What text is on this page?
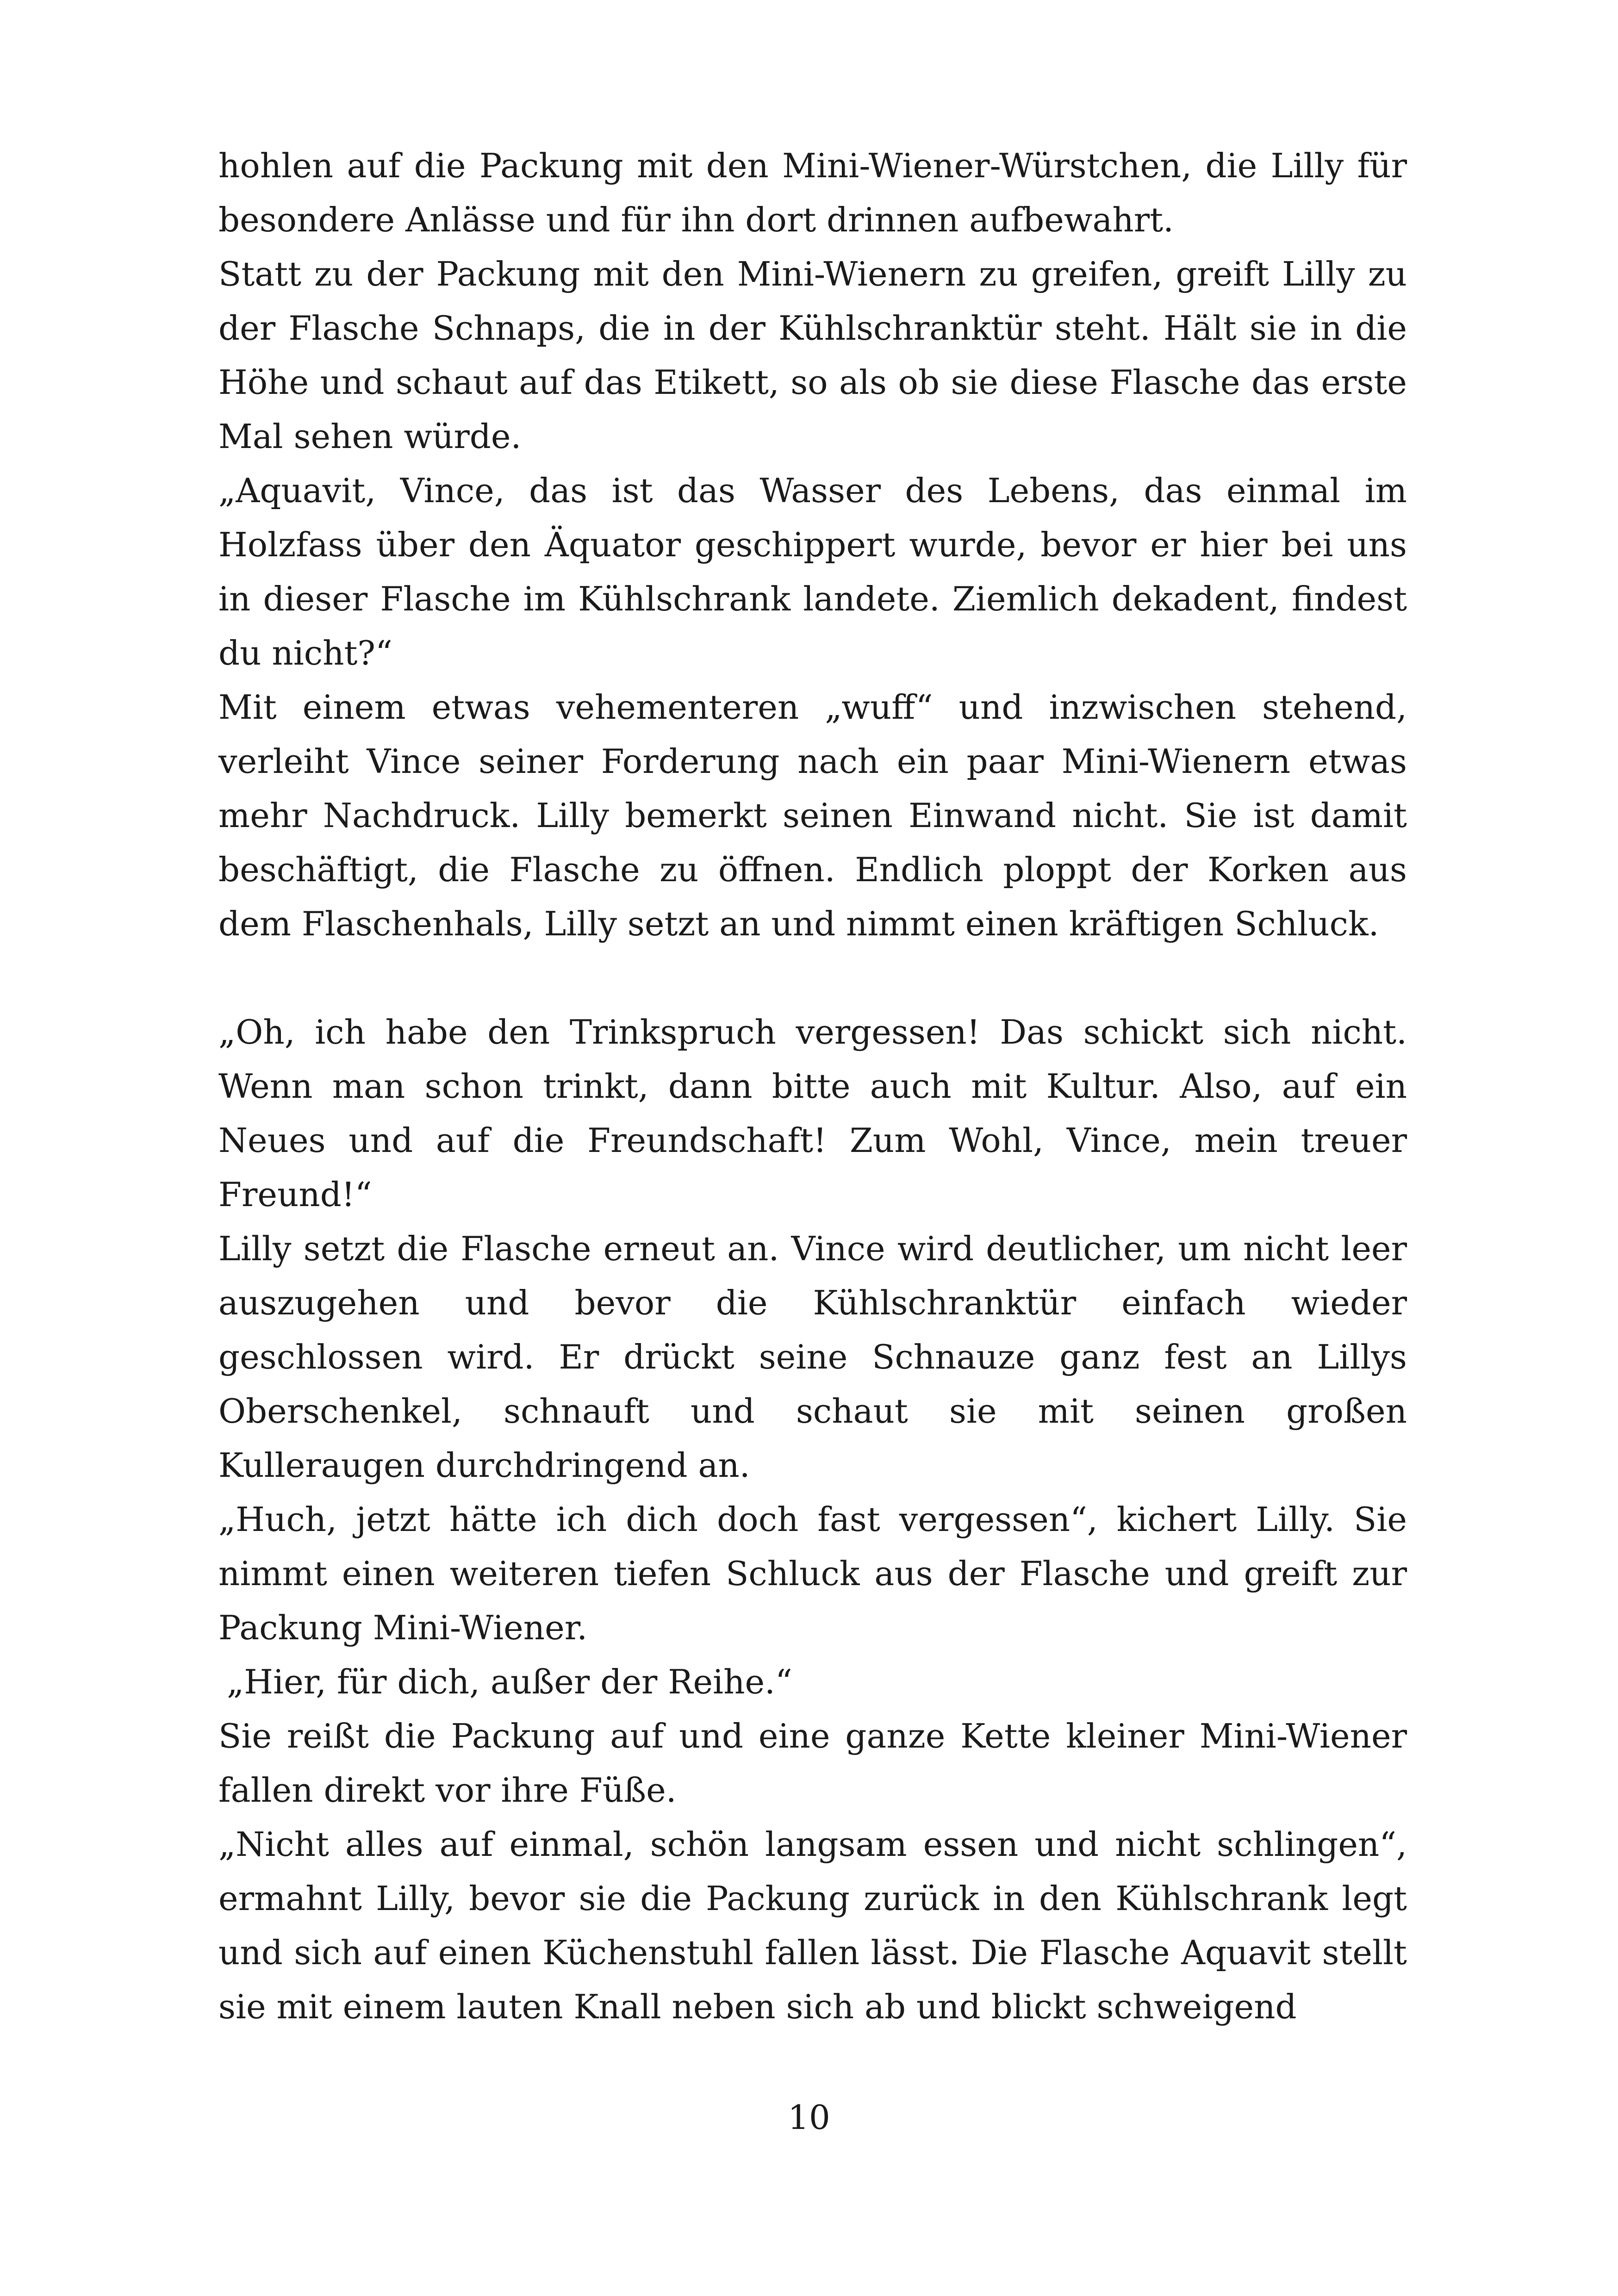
hohlen auf die Packung mit den Mini-Wiener-Würstchen, die Lilly für besondere Anlässe und für ihn dort drinnen aufbewahrt.

Statt zu der Packung mit den Mini-Wienern zu greifen, greift Lilly zu der Flasche Schnaps, die in der Kühlschranktür steht. Hält sie in die Höhe und schaut auf das Etikett, so als ob sie diese Flasche das erste Mal sehen würde.

„Aquavit, Vince, das ist das Wasser des Lebens, das einmal im Holzfass über den Äquator geschippert wurde, bevor er hier bei uns in dieser Flasche im Kühlschrank landete. Ziemlich dekadent, findest du nicht?“

Mit einem etwas vehementeren „wuff“ und inzwischen stehend, verleiht Vince seiner Forderung nach ein paar Mini-Wienern etwas mehr Nachdruck. Lilly bemerkt seinen Einwand nicht. Sie ist damit beschäftigt, die Flasche zu öffnen. Endlich ploppt der Korken aus dem Flaschenhals, Lilly setzt an und nimmt einen kräftigen Schluck.

„Oh, ich habe den Trinkspruch vergessen! Das schickt sich nicht. Wenn man schon trinkt, dann bitte auch mit Kultur. Also, auf ein Neues und auf die Freundschaft! Zum Wohl, Vince, mein treuer Freund!“

Lilly setzt die Flasche erneut an. Vince wird deutlicher, um nicht leer auszugehen und bevor die Kühlschranktür einfach wieder geschlossen wird. Er drückt seine Schnauze ganz fest an Lillys Oberschenkel, schnauft und schaut sie mit seinen großen Kulleraugen durchdringend an.

„Huch, jetzt hätte ich dich doch fast vergessen“, kichert Lilly. Sie nimmt einen weiteren tiefen Schluck aus der Flasche und greift zur Packung Mini-Wiener.

„Hier, für dich, außer der Reihe.“

Sie reißt die Packung auf und eine ganze Kette kleiner Mini-Wiener fallen direkt vor ihre Füße.

„Nicht alles auf einmal, schön langsam essen und nicht schlingen“, ermahnt Lilly, bevor sie die Packung zurück in den Kühlschrank legt und sich auf einen Küchenstuhl fallen lässt. Die Flasche Aquavit stellt sie mit einem lauten Knall neben sich ab und blickt schweigend

10
